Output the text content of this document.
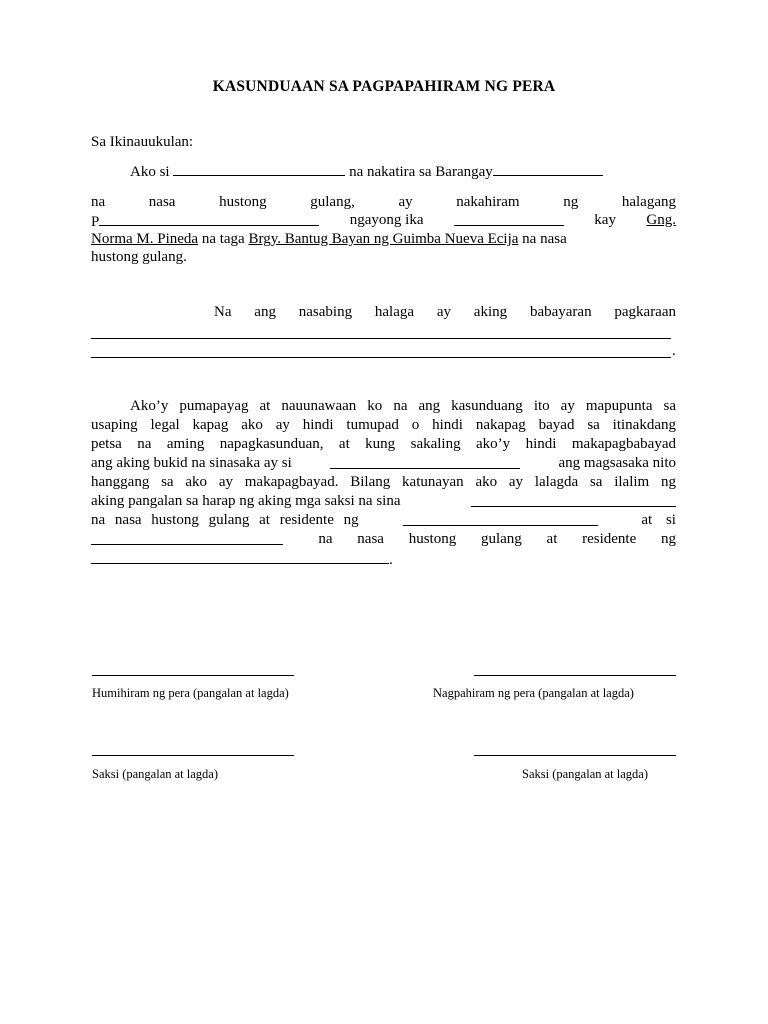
KASUNDUAAN SA PAGPAPAHIRAM NG PERA
Sa Ikinauukulan:
Ako si	na nakatira sa Barangay
na nasa hustong gulang, ay nakahiram ng halagang
P	ngayong ika	kay Gng.
Norma M. Pineda na taga Brgy. Bantug Bayan ng Guimba Nueva Ecija na nasa
hustong gulang.
Na ang nasabing halaga ay aking babayaran pagkaraan
.
Ako’y pumapayag at nauunawaan ko na ang kasunduang ito ay mapupunta sa
usaping legal kapag ako ay hindi tumupad o hindi nakapag bayad sa itinakdang
petsa na aming napagkasunduan, at kung sakaling ako’y hindi makapagbabayad
ang aking bukid na sinasaka ay si	ang magsasaka nito
hanggang sa ako ay makapagbayad. Bilang katunayan ako ay lalagda sa ilalim ng
aking pangalan sa harap ng aking mga saksi na sina
na nasa hustong gulang at residente ng	at si
na nasa hustong gulang at residente ng
.
Humihiram ng pera (pangalan at lagda)	Nagpahiram ng pera (pangalan at lagda)
Saksi (pangalan at lagda)	Saksi (pangalan at lagda)
